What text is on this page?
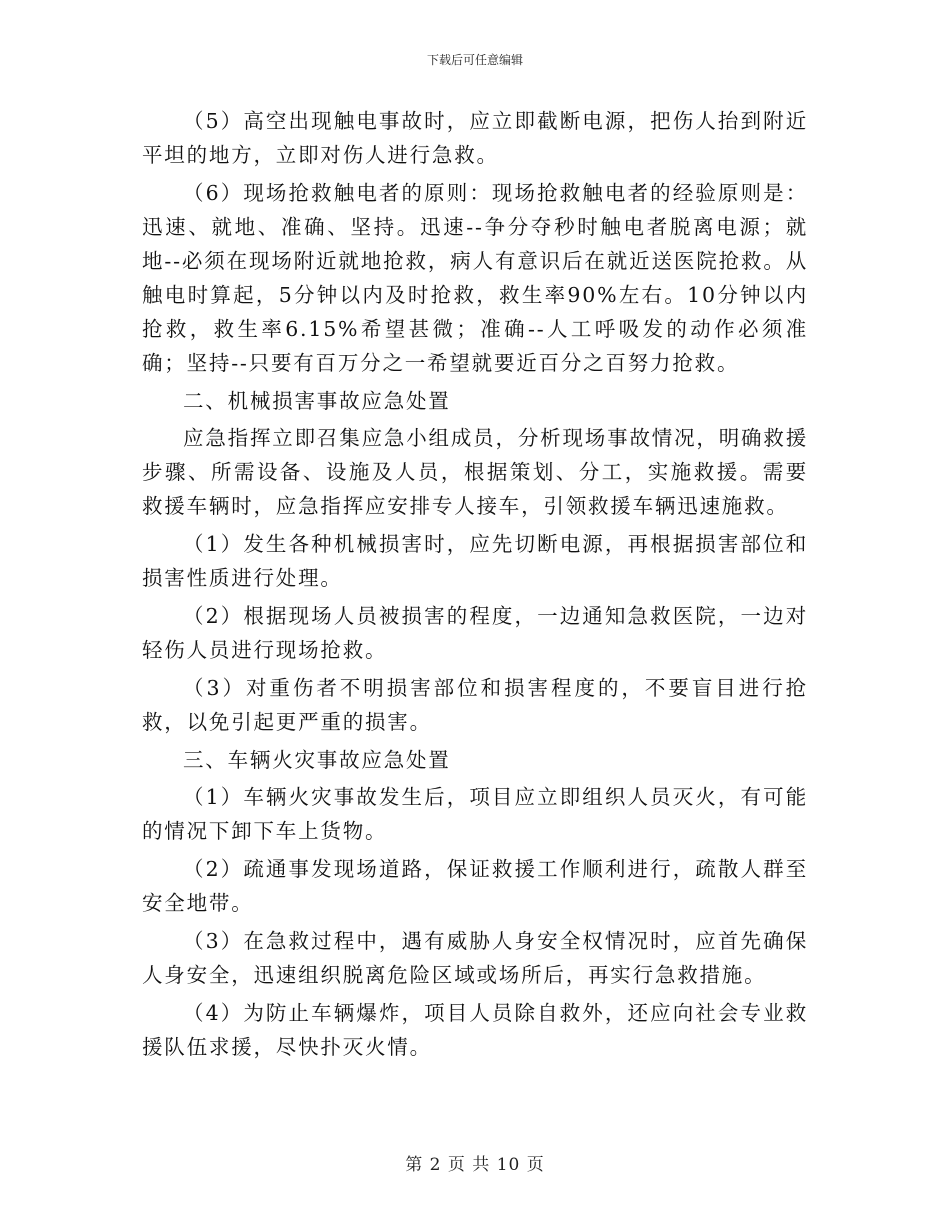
下载后可任意编辑

（5）高空出现触电事故时，应立即截断电源，把伤人抬到附近平坦的地方，立即对伤人进行急救。

（6）现场抢救触电者的原则：现场抢救触电者的经验原则是：迅速、就地、准确、坚持。迅速--争分夺秒时触电者脱离电源；就地--必须在现场附近就地抢救，病人有意识后在就近送医院抢救。从触电时算起，5分钟以内及时抢救，救生率90%左右。10分钟以内抢救，救生率6.15%希望甚微；准确--人工呼吸发的动作必须准确；坚持--只要有百万分之一希望就要近百分之百努力抢救。

二、机械损害事故应急处置

应急指挥立即召集应急小组成员，分析现场事故情况，明确救援步骤、所需设备、设施及人员，根据策划、分工，实施救援。需要救援车辆时，应急指挥应安排专人接车，引领救援车辆迅速施救。

（1）发生各种机械损害时，应先切断电源，再根据损害部位和损害性质进行处理。

（2）根据现场人员被损害的程度，一边通知急救医院，一边对轻伤人员进行现场抢救。

（3）对重伤者不明损害部位和损害程度的，不要盲目进行抢救，以免引起更严重的损害。

三、车辆火灾事故应急处置

（1）车辆火灾事故发生后，项目应立即组织人员灭火，有可能的情况下卸下车上货物。

（2）疏通事发现场道路，保证救援工作顺利进行，疏散人群至安全地带。

（3）在急救过程中，遇有威胁人身安全权情况时，应首先确保人身安全，迅速组织脱离危险区域或场所后，再实行急救措施。

（4）为防止车辆爆炸，项目人员除自救外，还应向社会专业救援队伍求援，尽快扑灭火情。

第 2 页 共 10 页
